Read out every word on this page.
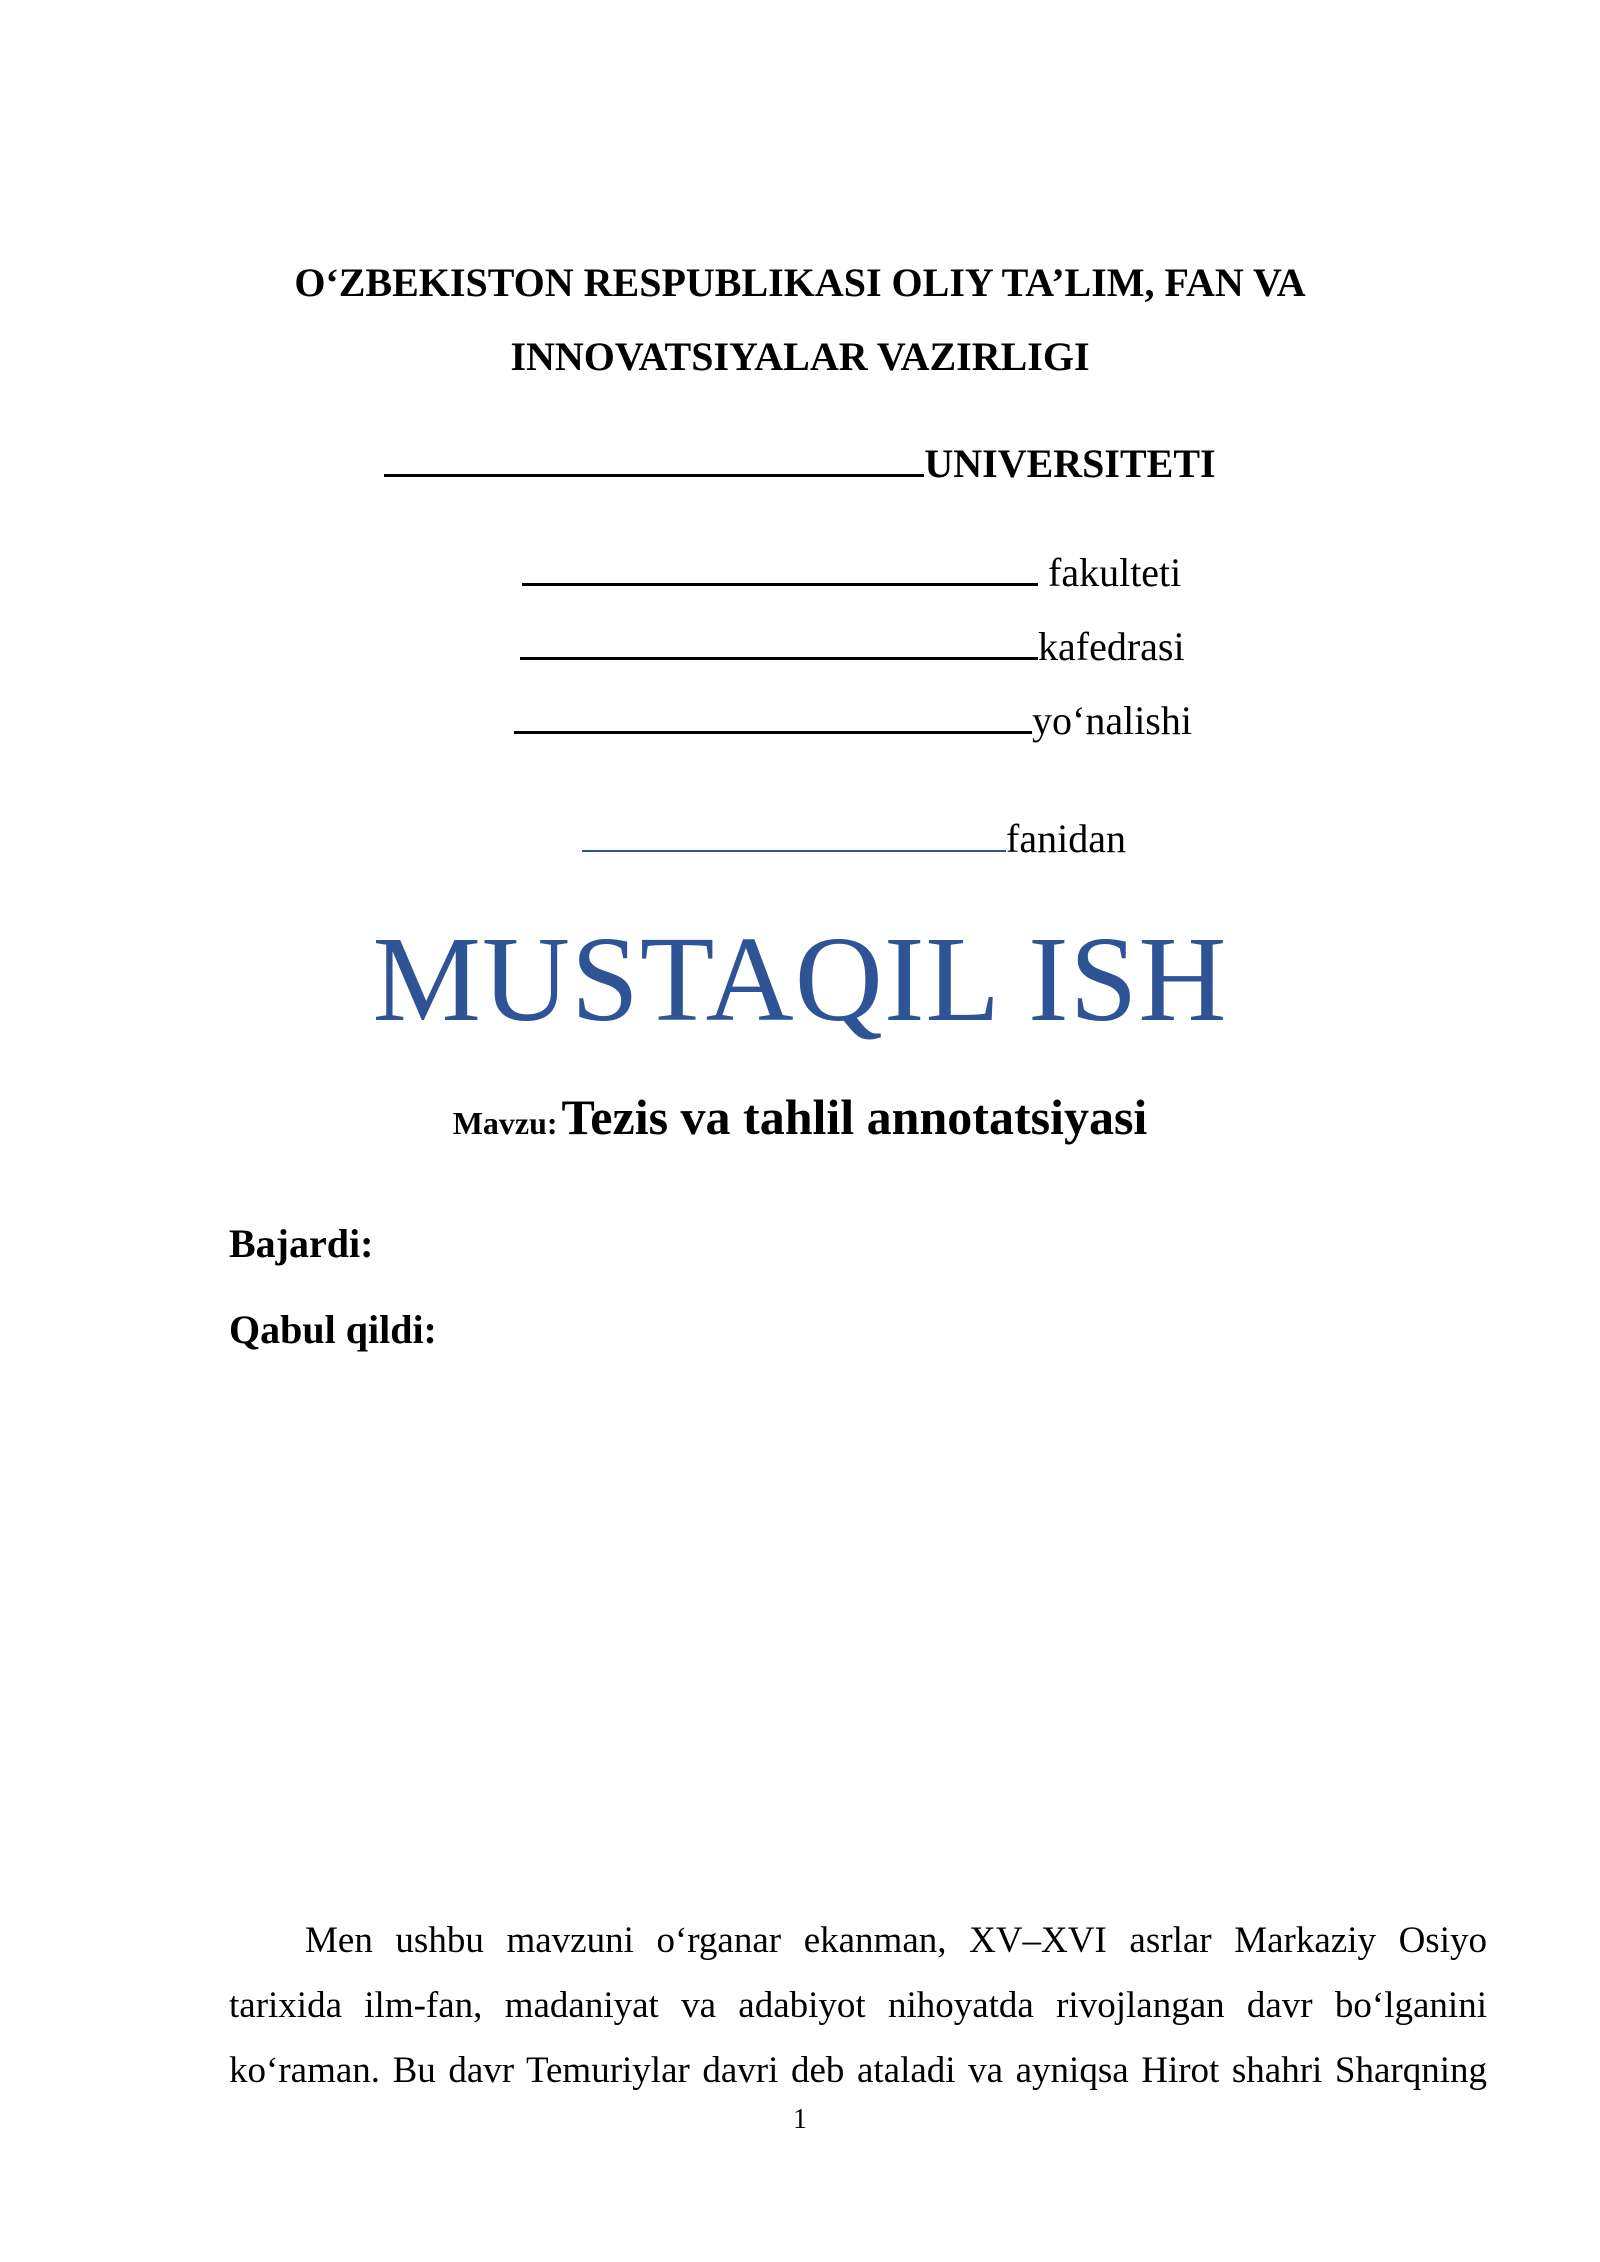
O‘ZBEKISTON RESPUBLIKASI OLIY TA’LIM, FAN VA
INNOVATSIYALAR VAZIRLIGI
UNIVERSITETI
fakulteti
kafedrasi
yo‘nalishi
fanidan
MUSTAQIL ISH
Mavzu: Tezis va tahlil annotatsiyasi
Bajardi:
Qabul qildi:
Men ushbu mavzuni o‘rganar ekanman, XV–XVI asrlar Markaziy Osiyo
tarixida ilm-fan, madaniyat va adabiyot nihoyatda rivojlangan davr bo‘lganini
ko‘raman. Bu davr Temuriylar davri deb ataladi va ayniqsa Hirot shahri Sharqning
1
